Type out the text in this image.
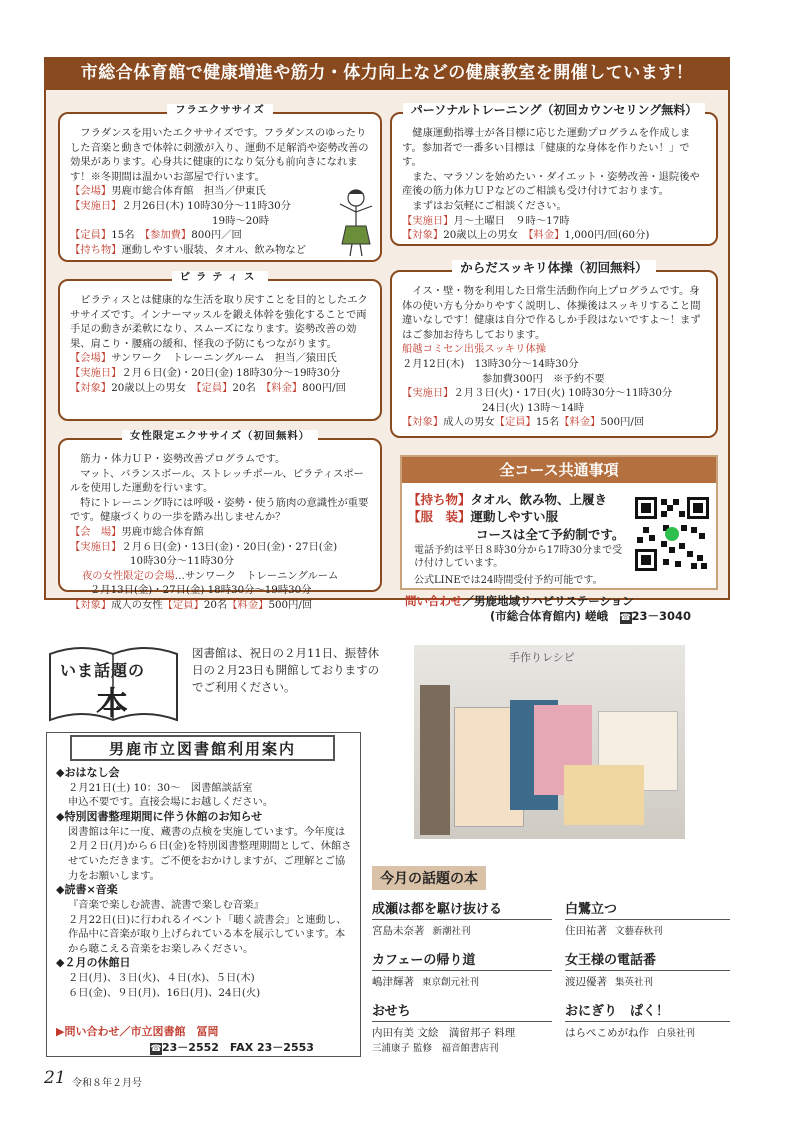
市総合体育館で健康増進や筋力・体力向上などの健康教室を開催しています！
フラエクササイズ

フラダンスを用いたエクササイズです。フラダンスのゆったりした音楽と動きで体幹に刺激が入り、運動不足解消や姿勢改善の効果があります。心身共に健康的になり気分も前向きになれます！※冬期間は温かいお部屋で行います。

【会場】男鹿市総合体育館　担当／伊東氏
【実施日】２月26日(木) 10時30分～11時30分
19時～20時
【定員】15名　 【参加費】800円／回
【持ち物】運動しやすい服装、タオル、飲み物など
ピラティス

ピラティスとは健康的な生活を取り戻すことを目的としたエクササイズです。インナーマッスルを鍛え体幹を強化することで両手足の動きが柔軟になり、スムーズになります。姿勢改善の効果、肩こり・腰痛の緩和、怪我の予防にもつながります。

【会場】サンワーク　トレーニングルーム　担当／猿田氏
【実施日】２月６日(金)・20日(金) 18時30分～19時30分
【対象】20歳以上の男女　 【定員】20名　 【料金】800円/回
女性限定エクササイズ（初回無料）

筋力・体力ＵＰ・姿勢改善プログラムです。

マット、バランスボール、ストレッチポール、ピラティスポールを使用した運動を行います。

特にトレーニング時には呼吸・姿勢・使う筋肉の意識性が重要です。健康づくりの一歩を踏み出しませんか？

【会　場】男鹿市総合体育館
【実施日】２月６日(金)・13日(金)・20日(金)・27日(金)
10時30分～11時30分
夜の女性限定の会場…サンワーク　トレーニングルーム
２月13日(金)・27日(金) 18時30分～19時30分
【対象】成人の女性【定員】20名【料金】500円/回
パーソナルトレーニング（初回カウンセリング無料）

健康運動指導士が各目標に応じた運動プログラムを作成します。参加者で一番多い目標は「健康的な身体を作りたい！」です。

また、マラソンを始めたい・ダイエット・姿勢改善・退院後や産後の筋力体力ＵＰなどのご相談も受け付けております。

まずはお気軽にご相談ください。

【実施日】月～土曜日　９時～17時
【対象】20歳以上の男女　 【料金】1,000円/回(60分)
からだスッキリ体操（初回無料）

イス・壁・物を利用した日常生活動作向上プログラムです。身体の使い方も分かりやすく説明し、体操後はスッキリすること間違いなしです！健康は自分で作るしか手段はないですよ～！まずはご参加お待ちしております。

船越コミセン出張スッキリ体操
２月12日(木)　13時30分～14時30分
参加費300円　※予約不要
【実施日】２月３日(火)・17日(火) 10時30分～11時30分
24日(火) 13時～14時
【対象】成人の男女【定員】15名【料金】500円/回
全コース共通事項
【持ち物】タオル、飲み物、上履き
【服　装】運動しやすい服
コースは全て予約制です。
電話予約は平日８時30分から17時30分まで受け付けしています。
公式LINEでは24時間受付予約可能です。
問い合わせ／男鹿地域リハビリステーション
(市総合体育館内) 嵯峨　 ☎23－3040
いま話題の
本
図書館は、祝日の２月11日、振替休日の２月23日も開館しておりますのでご利用ください。
手作りレシピ
男鹿市立図書館利用案内
◆おはなし会
２月21日(土) 10：30～　図書館談話室
申込不要です。直接会場にお越しください。
◆特別図書整理期間に伴う休館のお知らせ
図書館は年に一度、蔵書の点検を実施しています。今年度は２月２日(月)から６日(金)を特別図書整理期間として、休館させていただきます。ご不便をおかけしますが、ご理解とご協力をお願いします。
◆読書×音楽
『音楽で楽しむ読書、読書で楽しむ音楽』
２月22日(日)に行われるイベント「聴く読書会」と連動し、作品中に音楽が取り上げられている本を展示しています。本から聴こえる音楽をお楽しみください。
◆２月の休館日
２日(月)、３日(火)、４日(水)、５日(木)
６日(金)、９日(月)、16日(月)、24日(火)
▶問い合わせ／市立図書館　冨岡
☎23－2552　FAX 23－2553
今月の話題の本
成瀬は都を駆け抜ける
宮島未奈著 新潮社刊
白鷺立つ
住田祐著 文藝春秋刊
カフェーの帰り道
嶋津輝著 東京創元社刊
女王様の電話番
渡辺優著 集英社刊
おせち
内田有美 文絵　満留邦子 料理
三浦康子 監修　福音館書店刊
おにぎり　ぱく！
はらぺこめがね作 白泉社刊
21 令和８年２月号
